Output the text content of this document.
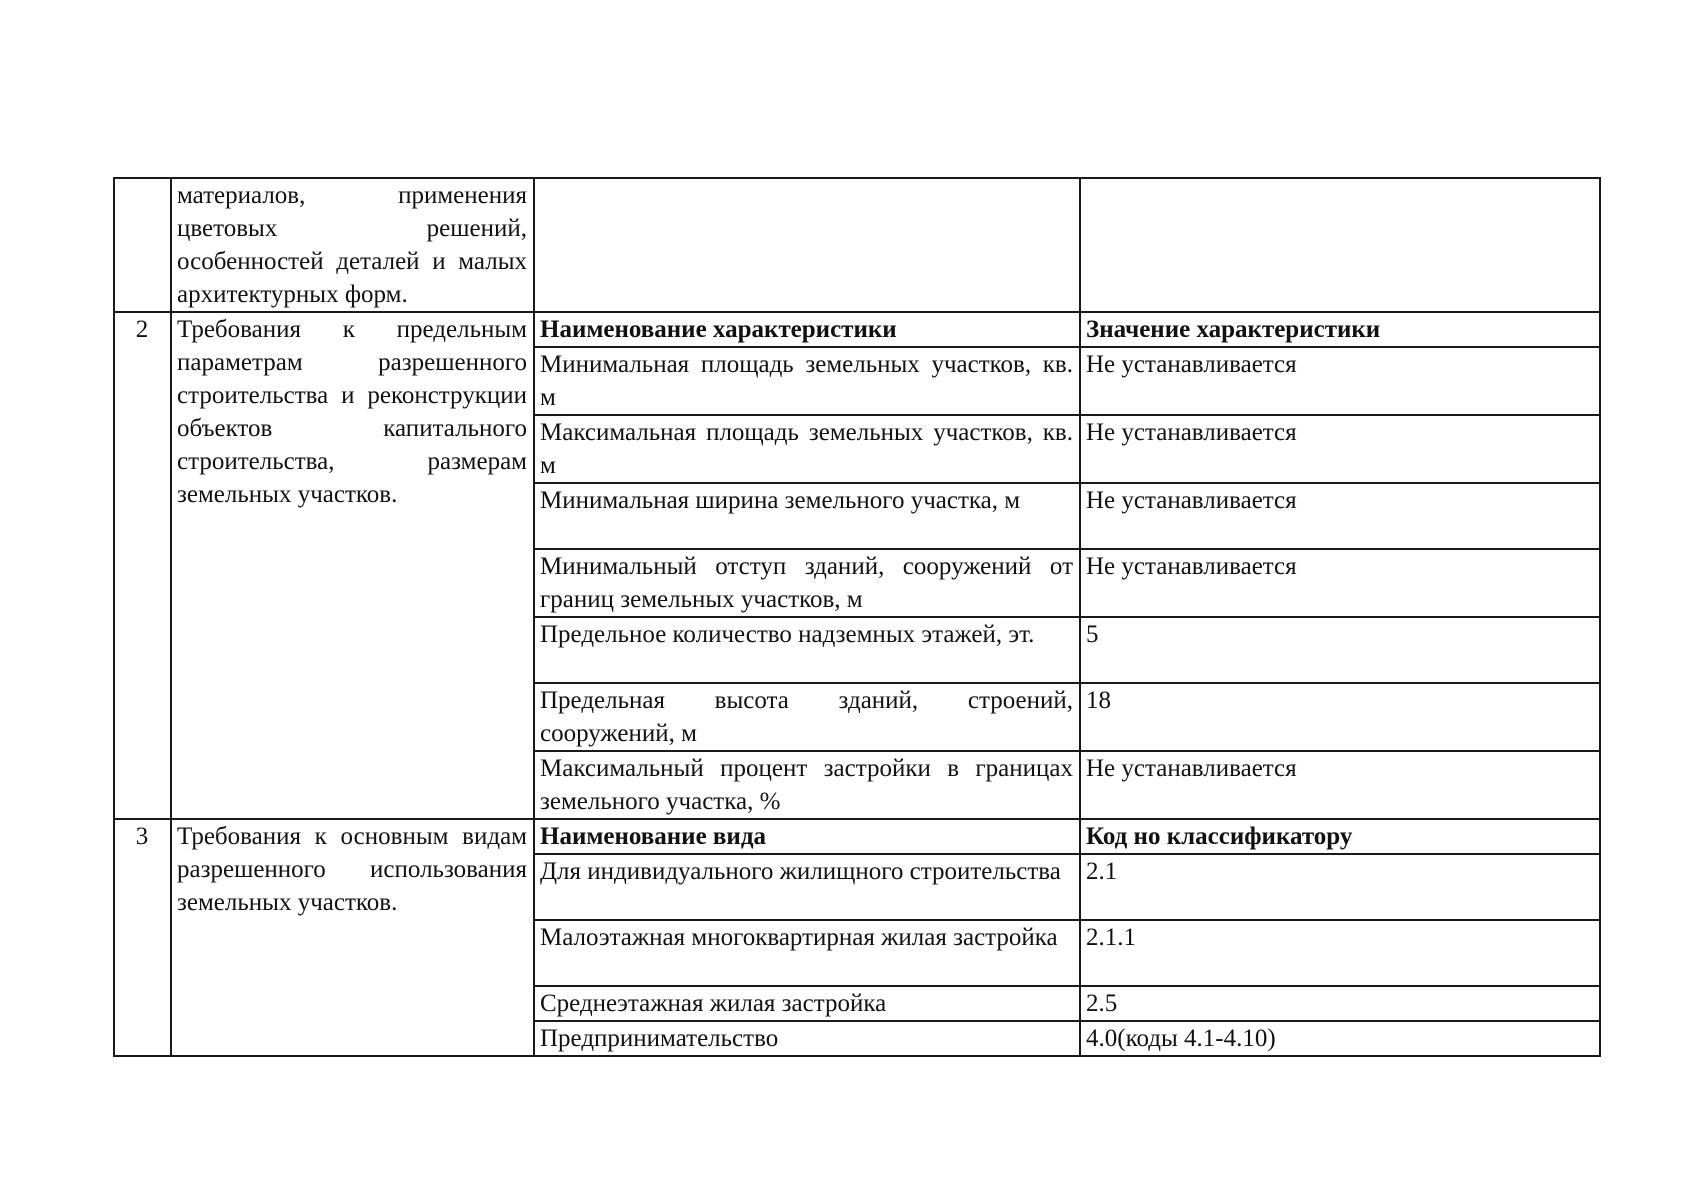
	материалов, применения цветовых решений, особенностей деталей и малых архитектурных форм.		
2	Требования к предельным параметрам разрешенного строительства и реконструкции объектов капитального строительства, размерам земельных участков.	Наименование характеристики	Значение характеристики
		Минимальная площадь земельных участков, кв. м	Не устанавливается
		Максимальная площадь земельных участков, кв. м	Не устанавливается
		Минимальная ширина земельного участка, м	Не устанавливается
		Минимальный отступ зданий, сооружений от границ земельных участков, м	Не устанавливается
		Предельное количество надземных этажей, эт.	5
		Предельная высота зданий, строений, сооружений, м	18
		Максимальный процент застройки в границах земельного участка, %	Не устанавливается
3	Требования к основным видам разрешенного использования земельных участков.	Наименование вида	Код но классификатору
		Для индивидуального жилищного строительства	2.1
		Малоэтажная многоквартирная жилая застройка	2.1.1
		Среднеэтажная жилая застройка	2.5
		Предпринимательство	4.0(коды 4.1-4.10)
